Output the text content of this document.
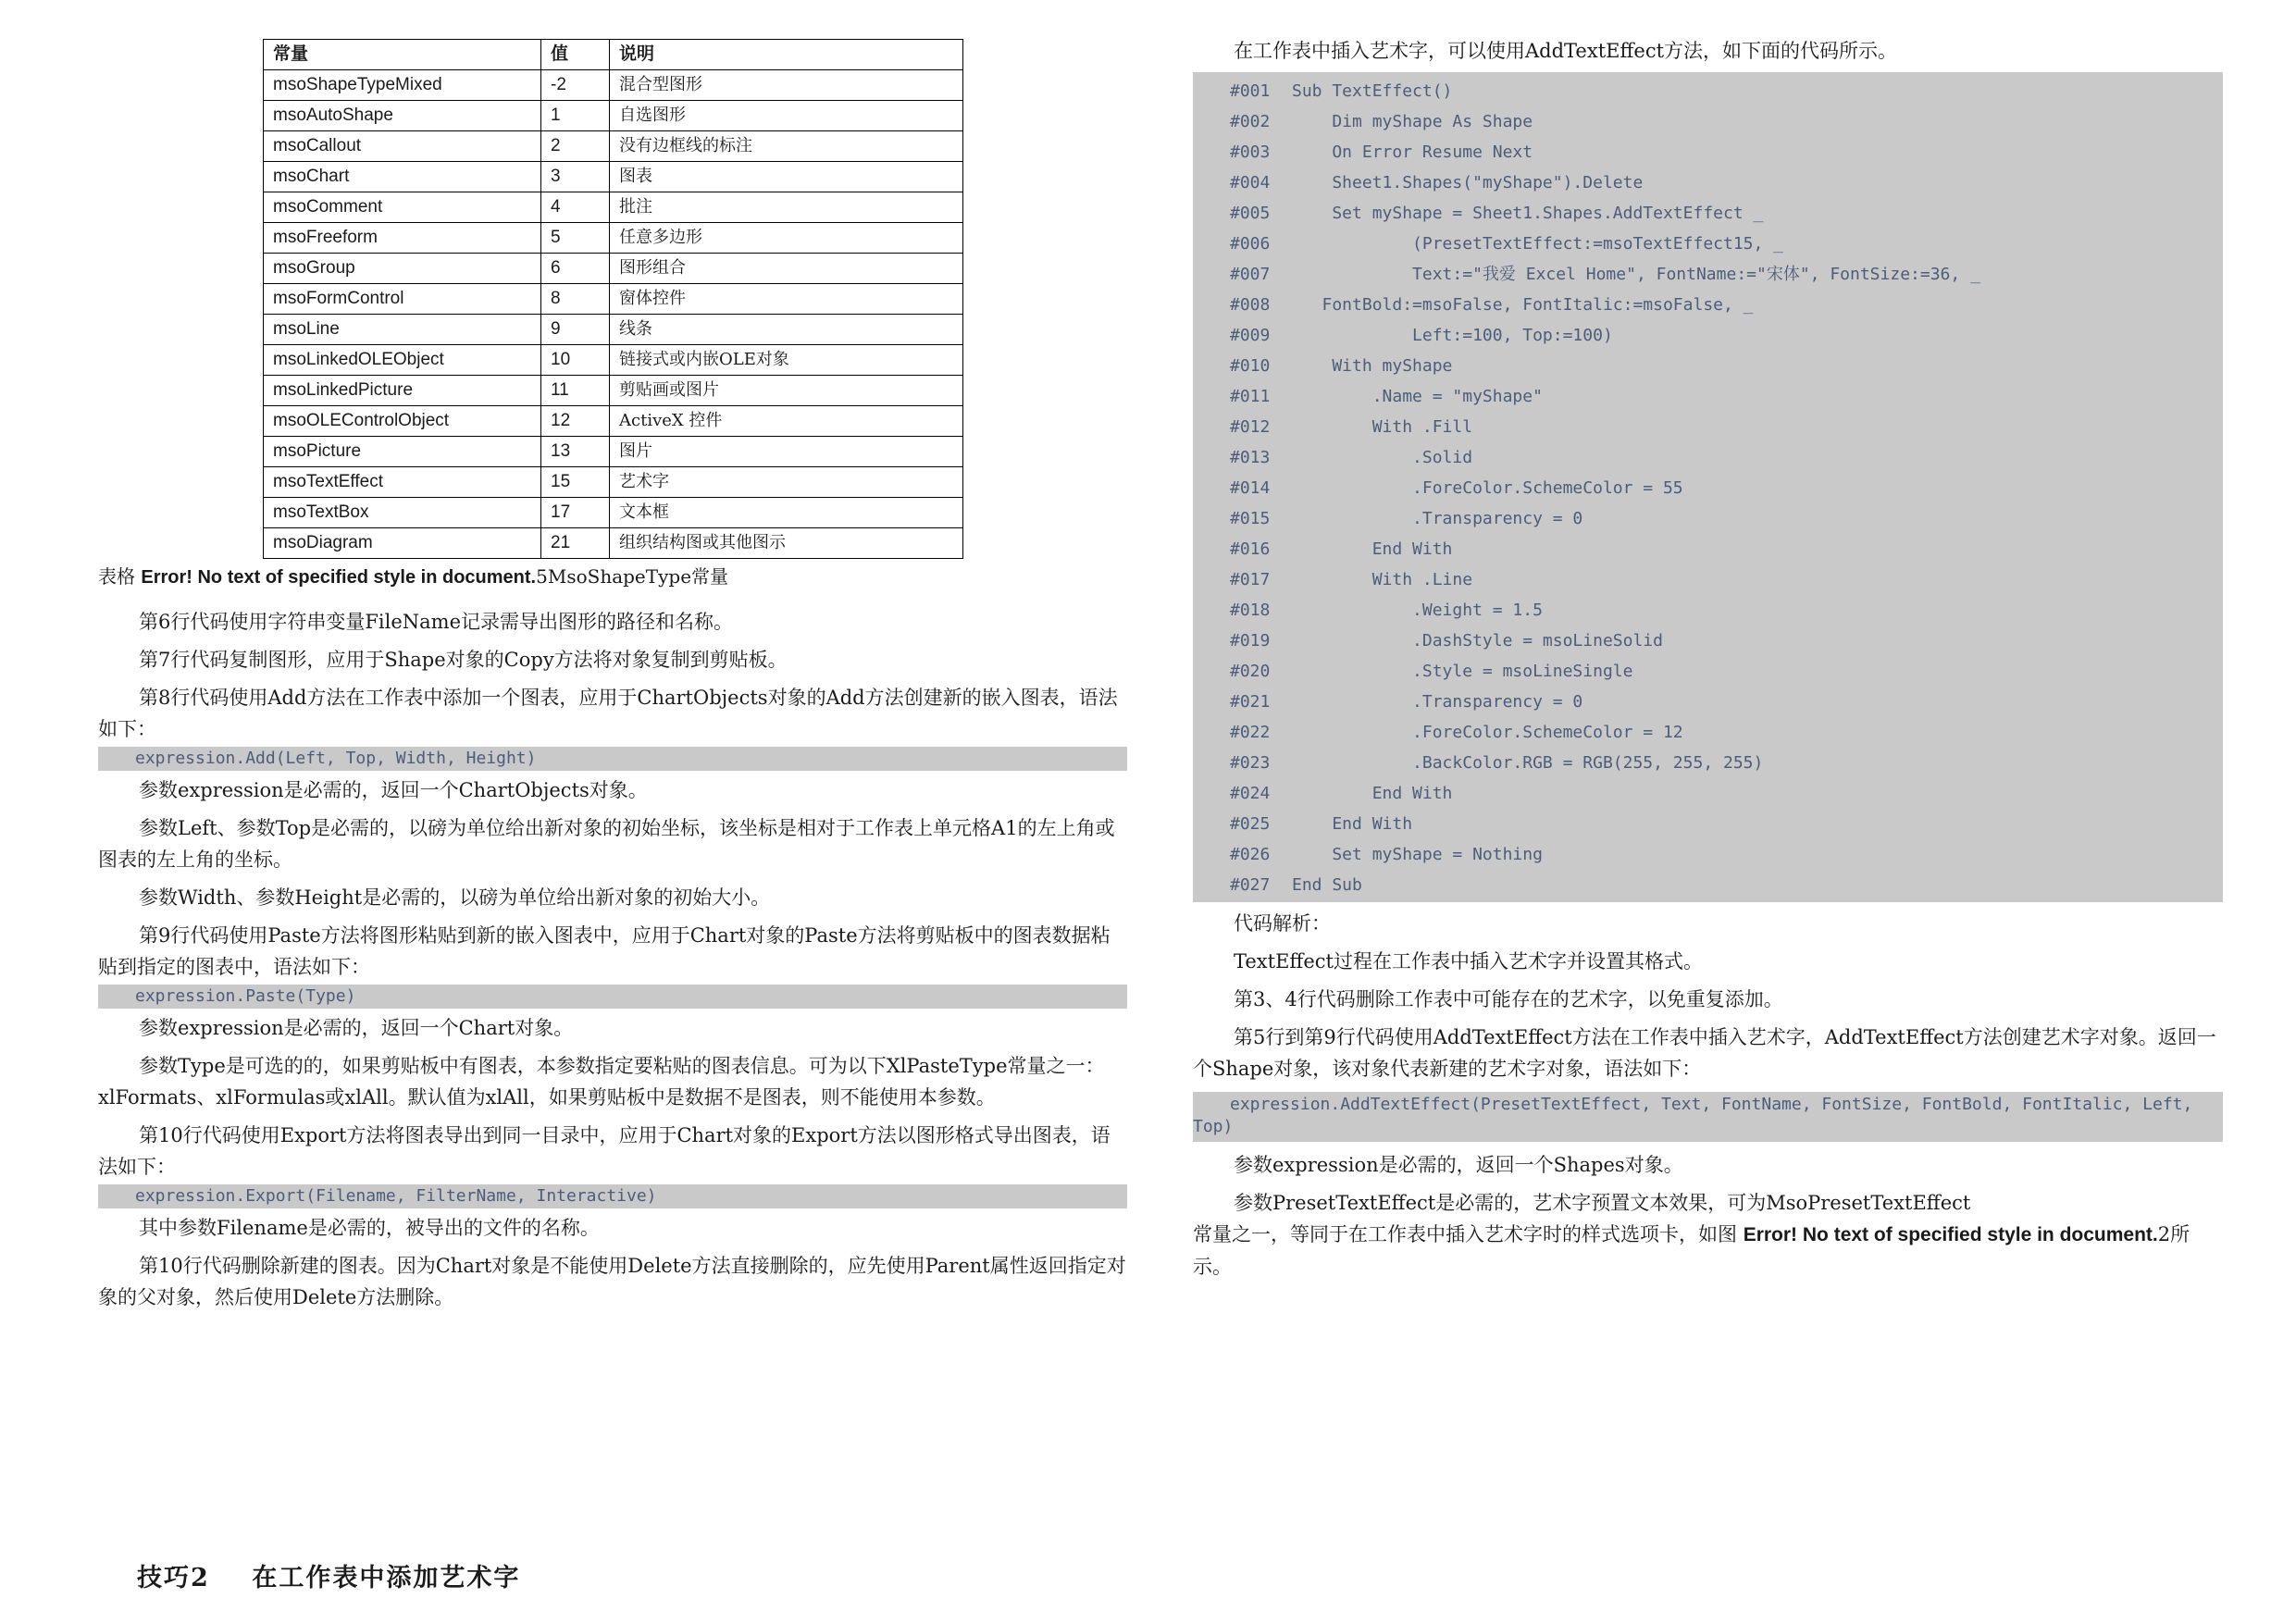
常量	值	说明
msoShapeTypeMixed	-2	混合型图形
msoAutoShape	1	自选图形
msoCallout	2	没有边框线的标注
msoChart	3	图表
msoComment	4	批注
msoFreeform	5	任意多边形
msoGroup	6	图形组合
msoFormControl	8	窗体控件
msoLine	9	线条
msoLinkedOLEObject	10	链接式或内嵌OLE对象
msoLinkedPicture	11	剪贴画或图片
msoOLEControlObject	12	ActiveX 控件
msoPicture	13	图片
msoTextEffect	15	艺术字
msoTextBox	17	文本框
msoDiagram	21	组织结构图或其他图示
表格 Error! No text of specified style in document.5MsoShapeType常量

第6行代码使用字符串变量FileName记录需导出图形的路径和名称。

第7行代码复制图形，应用于Shape对象的Copy方法将对象复制到剪贴板。

第8行代码使用Add方法在工作表中添加一个图表，应用于ChartObjects对象的Add方法创建新的嵌入图表，语法如下：

expression.Add(Left, Top, Width, Height)

参数expression是必需的，返回一个ChartObjects对象。

参数Left、参数Top是必需的，以磅为单位给出新对象的初始坐标，该坐标是相对于工作表上单元格A1的左上角或图表的左上角的坐标。

参数Width、参数Height是必需的，以磅为单位给出新对象的初始大小。

第9行代码使用Paste方法将图形粘贴到新的嵌入图表中，应用于Chart对象的Paste方法将剪贴板中的图表数据粘贴到指定的图表中，语法如下：

expression.Paste(Type)

参数expression是必需的，返回一个Chart对象。

参数Type是可选的的，如果剪贴板中有图表，本参数指定要粘贴的图表信息。可为以下XlPasteType常量之一：xlFormats、xlFormulas或xlAll。默认值为xlAll，如果剪贴板中是数据不是图表，则不能使用本参数。

第10行代码使用Export方法将图表导出到同一目录中，应用于Chart对象的Export方法以图形格式导出图表，语法如下：

expression.Export(Filename, FilterName, Interactive)

其中参数Filename是必需的，被导出的文件的名称。

第10行代码删除新建的图表。因为Chart对象是不能使用Delete方法直接删除的，应先使用Parent属性返回指定对象的父对象，然后使用Delete方法删除。

在工作表中插入艺术字，可以使用AddTextEffect方法，如下面的代码所示。

#001 Sub TextEffect()
#002    Dim myShape As Shape
#003    On Error Resume Next
#004    Sheet1.Shapes("myShape").Delete
#005    Set myShape = Sheet1.Shapes.AddTextEffect _
#006            (PresetTextEffect:=msoTextEffect15, _
#007            Text:="我爱 Excel Home", FontName:="宋体", FontSize:=36, _
#008   FontBold:=msoFalse, FontItalic:=msoFalse, _
#009            Left:=100, Top:=100)
#010    With myShape
#011        .Name = "myShape"
#012        With .Fill
#013            .Solid
#014            .ForeColor.SchemeColor = 55
#015            .Transparency = 0
#016        End With
#017        With .Line
#018            .Weight = 1.5
#019            .DashStyle = msoLineSolid
#020            .Style = msoLineSingle
#021            .Transparency = 0
#022            .ForeColor.SchemeColor = 12
#023            .BackColor.RGB = RGB(255, 255, 255)
#024        End With
#025    End With
#026    Set myShape = Nothing
#027 End Sub

代码解析：

TextEffect过程在工作表中插入艺术字并设置其格式。

第3、4行代码删除工作表中可能存在的艺术字，以免重复添加。

第5行到第9行代码使用AddTextEffect方法在工作表中插入艺术字，AddTextEffect方法创建艺术字对象。返回一个Shape对象，该对象代表新建的艺术字对象，语法如下：

expression.AddTextEffect(PresetTextEffect, Text, FontName, FontSize, FontBold, FontItalic, Left, Top)

参数expression是必需的，返回一个Shapes对象。

参数PresetTextEffect是必需的，艺术字预置文本效果，可为MsoPresetTextEffect

常量之一，等同于在工作表中插入艺术字时的样式选项卡，如图 Error! No text of specified style in document.2所示。

技巧2    在工作表中添加艺术字
